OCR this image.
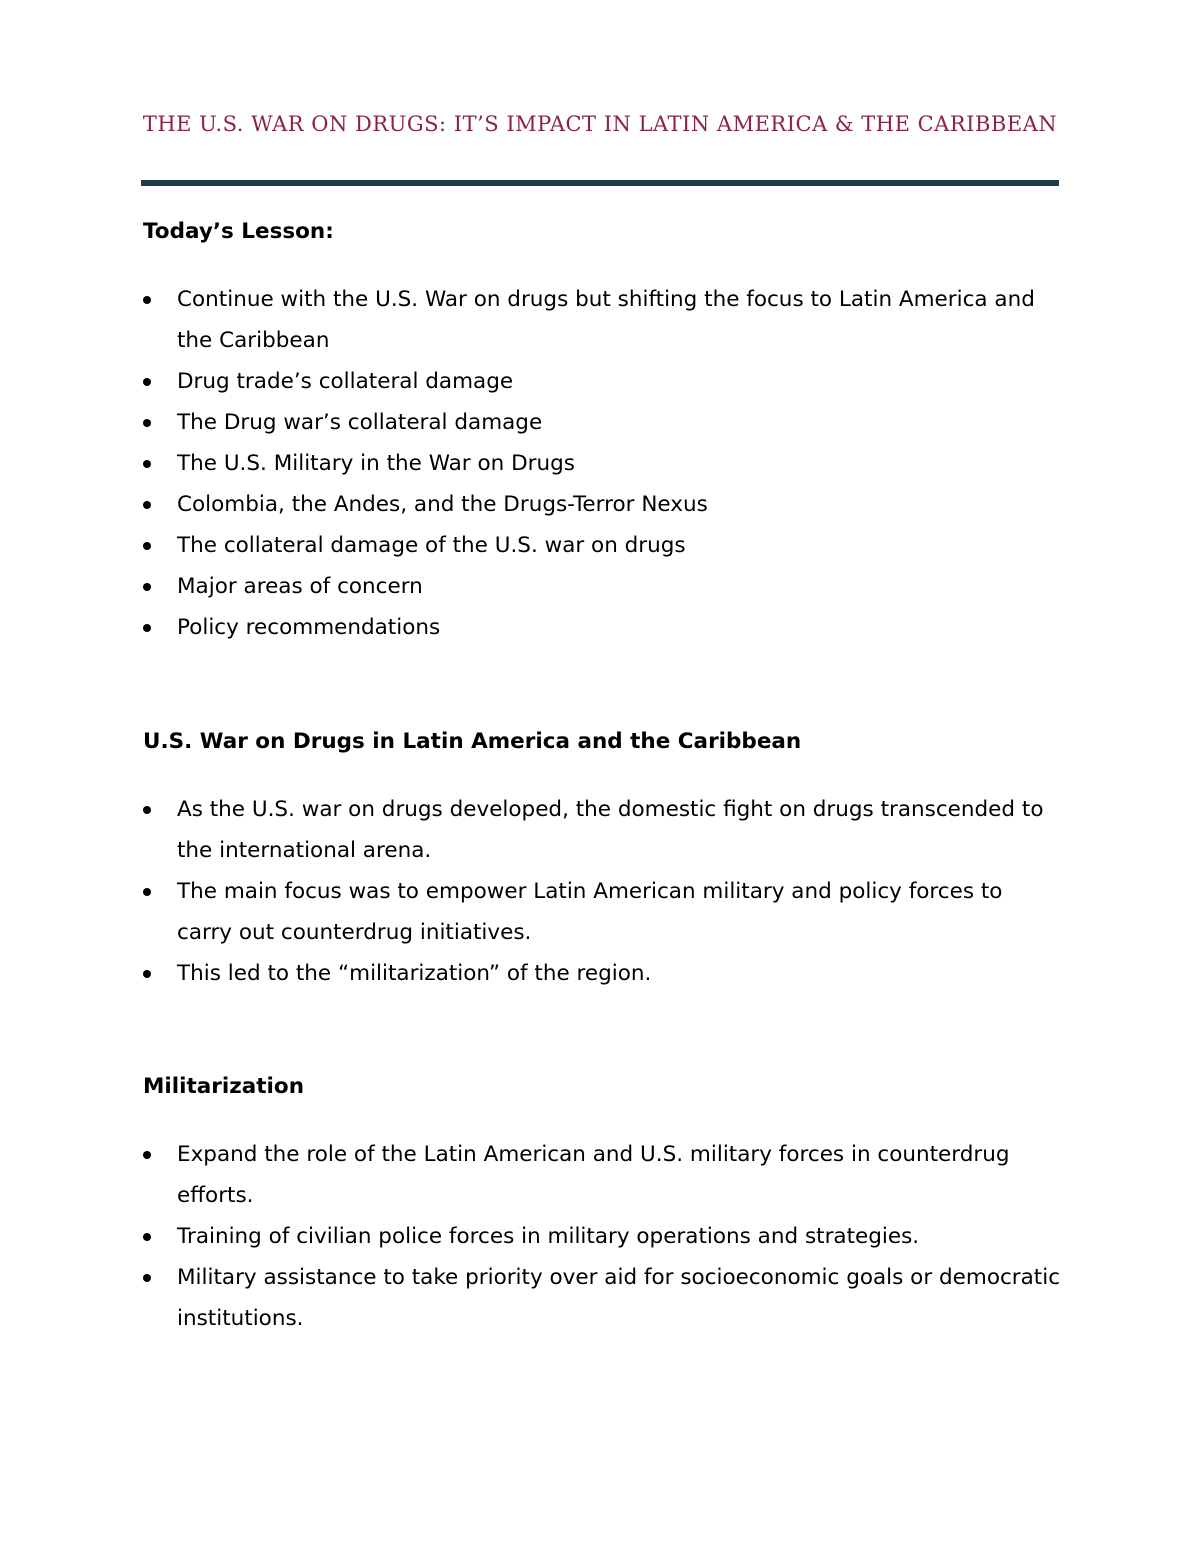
THE U.S. WAR ON DRUGS: IT’S IMPACT IN LATIN AMERICA & THE CARIBBEAN
Today’s Lesson:
Continue with the U.S. War on drugs but shifting the focus to Latin America and the Caribbean
Drug trade’s collateral damage
The Drug war’s collateral damage
The U.S. Military in the War on Drugs
Colombia, the Andes, and the Drugs-Terror Nexus
The collateral damage of the U.S. war on drugs
Major areas of concern
Policy recommendations
U.S. War on Drugs in Latin America and the Caribbean
As the U.S. war on drugs developed, the domestic fight on drugs transcended to the international arena.
The main focus was to empower Latin American military and policy forces to carry out counterdrug initiatives.
This led to the “militarization” of the region.
Militarization
Expand the role of the Latin American and U.S. military forces in counterdrug efforts.
Training of civilian police forces in military operations and strategies.
Military assistance to take priority over aid for socioeconomic goals or democratic institutions.
